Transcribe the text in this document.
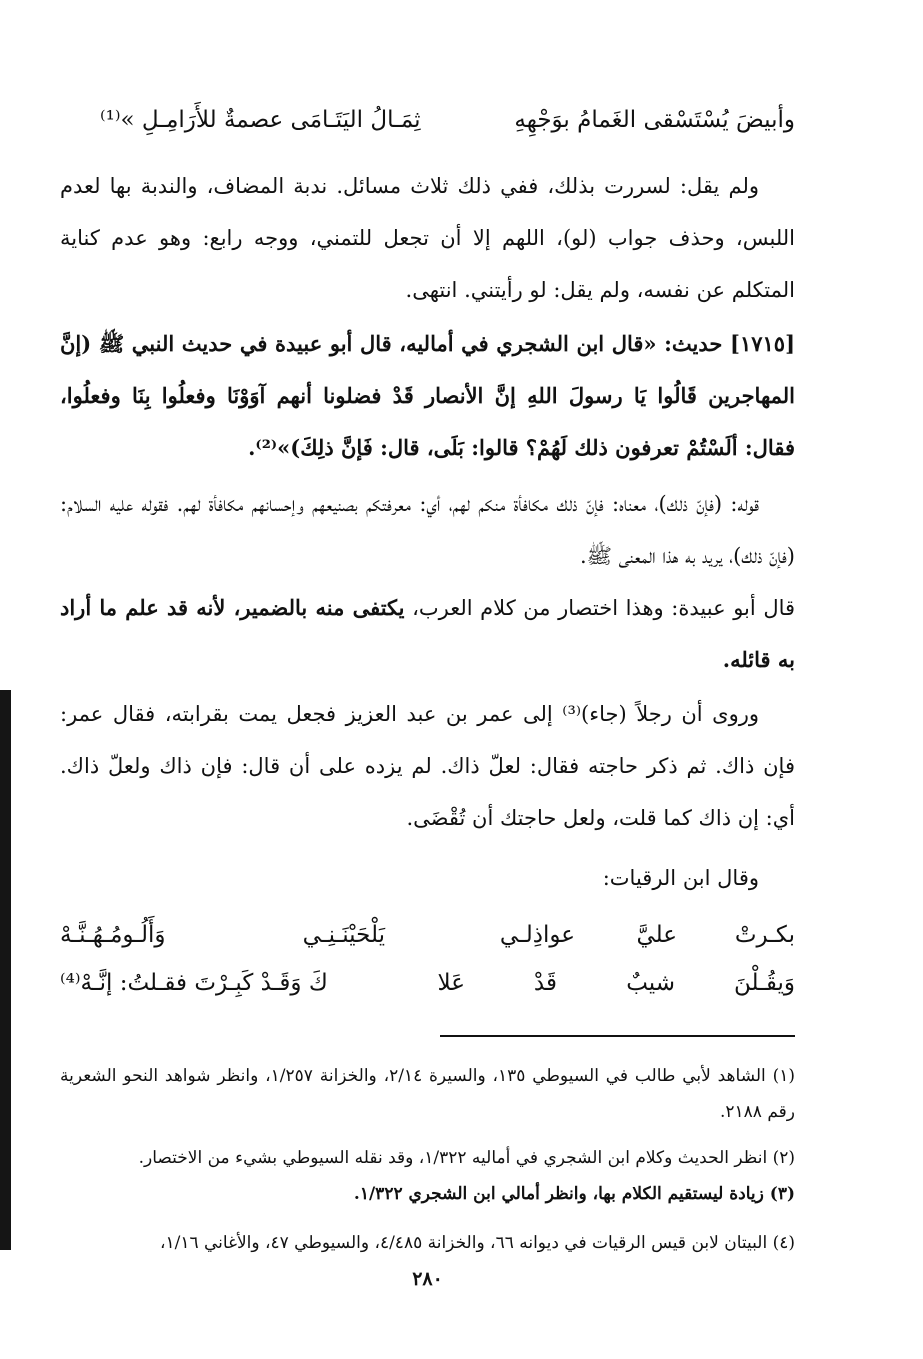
وأبيضَ يُسْتَسْقى الغَمامُ بوَجْهِهِ
ثِمَـالُ اليَتَـامَى عصمةٌ للأَرَامِـلِ »⁽¹⁾

ولم يقل: لسررت بذلك، ففي ذلك ثلاث مسائل. ندبة المضاف، والندبة بها لعدم اللبس، وحذف جواب (لو)، اللهم إلا أن تجعل للتمني، ووجه رابع: وهو عدم كناية المتكلم عن نفسه، ولم يقل: لو رأيتني. انتهى.

[١٧١٥] حديث: «قال ابن الشجري في أماليه، قال أبو عبيدة في حديث النبي ﷺ (إنَّ المهاجرين قَالُوا يَا رسولَ اللهِ إنَّ الأنصار قَدْ فضلونا أنهم آوَوْنَا وفعلُوا بِنَا وفعلُوا، فقال: ألَسْتُمْ تعرفون ذلك لَهُمْ؟ قالوا: بَلَى، قال: فَإنَّ ذلِكَ)»⁽²⁾.

قوله: (فإنّ ذلك)، معناه: فإنّ ذلك مكافأة منكم لهم، أي: معرفتكم بصنيعهم وإحسانهم مكافأة لهم. فقوله عليه السلام: (فإنّ ذلك)، يريد به هذا المعنى ﷺ.

قال أبو عبيدة: وهذا اختصار من كلام العرب، يكتفى منه بالضمير، لأنه قد علم ما أراد به قائله.

وروى أن رجلاً (جاء)⁽³⁾ إلى عمر بن عبد العزيز فجعل يمت بقرابته، فقال عمر: فإن ذاك. ثم ذكر حاجته فقال: لعلّ ذاك. لم يزده على أن قال: فإن ذاك ولعلّ ذاك. أي: إن ذاك كما قلت، ولعل حاجتك أن تُقْضَى.

وقال ابن الرقيات:

بكـرتْ
عليَّ
عواذِلـي
يَلْحَيْنَـنِـي
وَأَلُـومُـهُـنَّـهْ
وَيقُـلْنَ
شيبٌ
قَدْ
عَلا
كَ وَقَـدْ كَبِـرْتَ فقـلتُ: إنَّـهْ⁽⁴⁾

(١) الشاهد لأبي طالب في السيوطي ١٣٥، والسيرة ٢/١٤، والخزانة ١/٢٥٧، وانظر شواهد النحو الشعرية رقم ٢١٨٨.

(٢) انظر الحديث وكلام ابن الشجري في أماليه ١/٣٢٢، وقد نقله السيوطي بشيء من الاختصار.

(٣) زيادة ليستقيم الكلام بها، وانظر أمالي ابن الشجري ١/٣٢٢.

(٤) البيتان لابن قيس الرقيات في ديوانه ٦٦، والخزانة ٤/٤٨٥، والسيوطي ٤٧، والأغاني ١/١٦،

٢٨٠
